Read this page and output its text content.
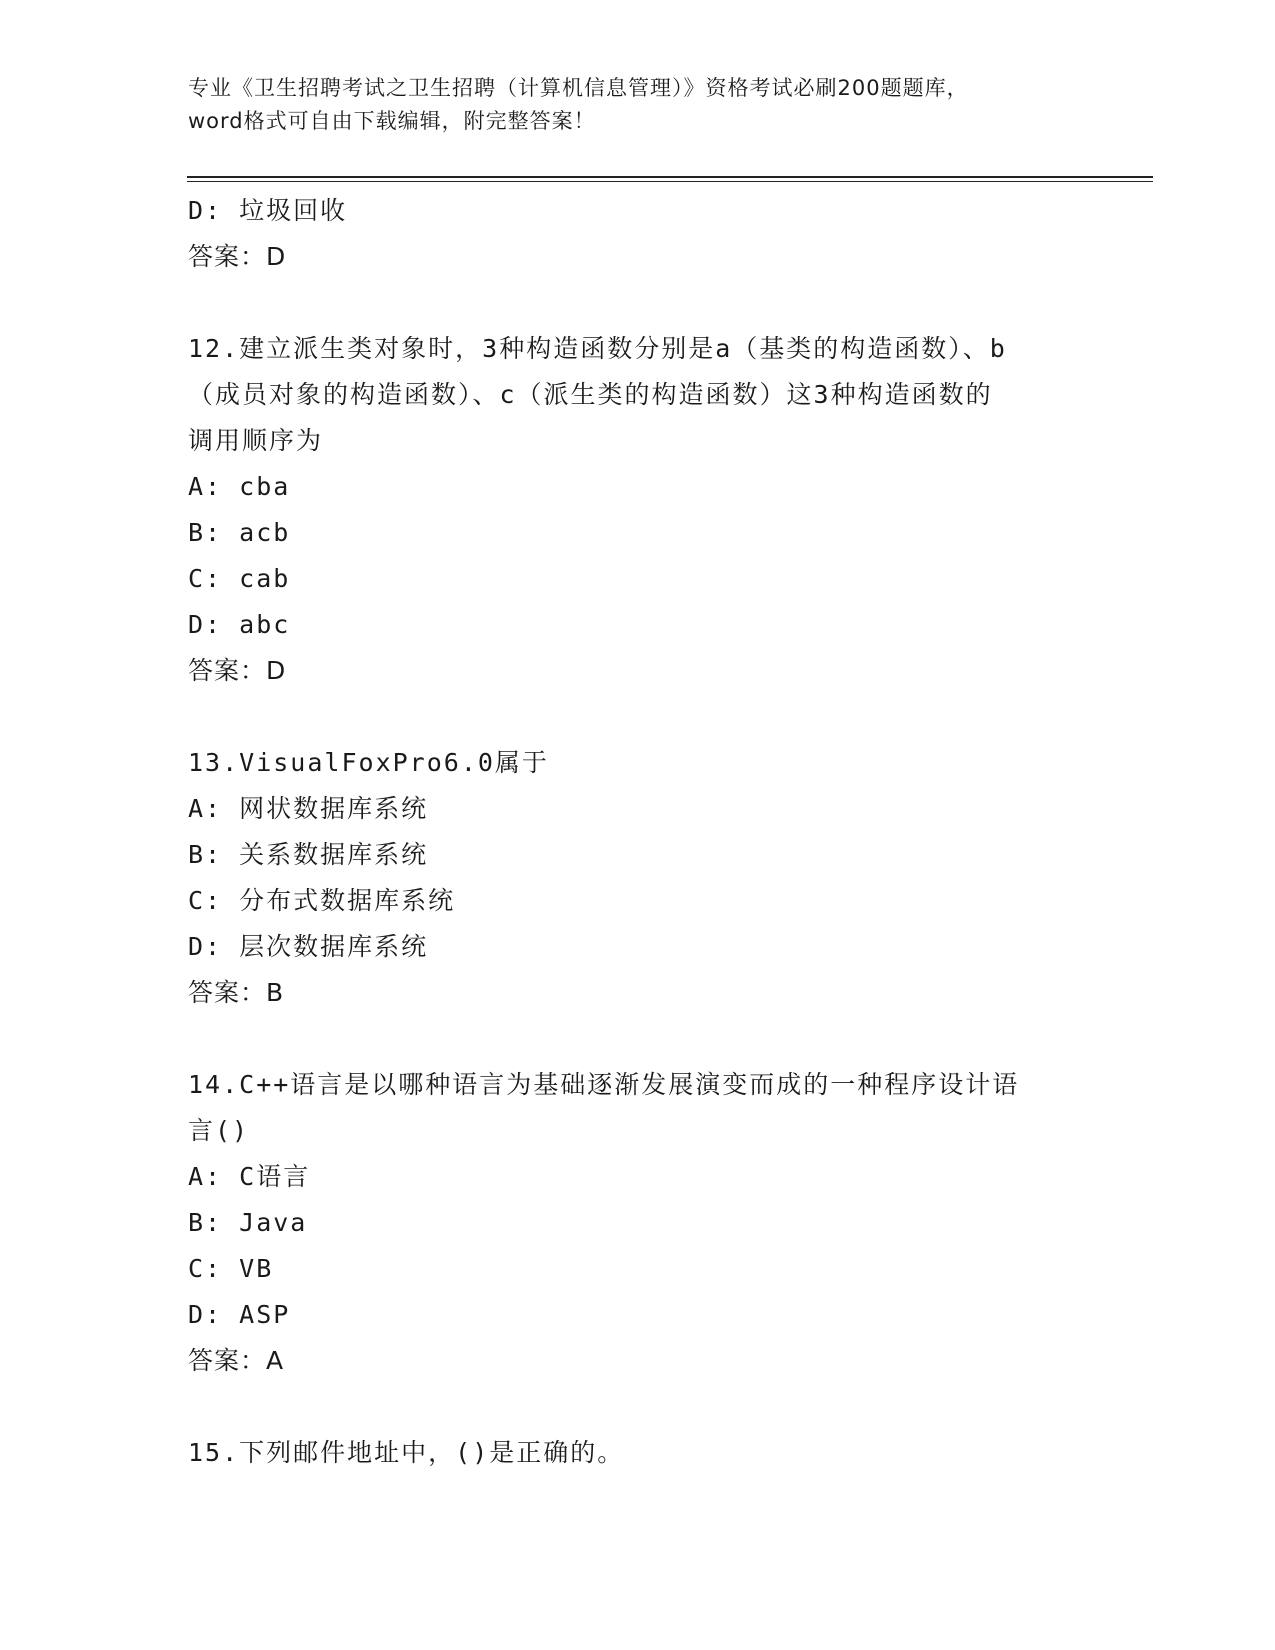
专业《卫生招聘考试之卫生招聘（计算机信息管理）》资格考试必刷200题题库，
word格式可自由下载编辑，附完整答案！
D: 垃圾回收
答案：D
12.建立派生类对象时，3种构造函数分别是a（基类的构造函数）、b
（成员对象的构造函数）、c（派生类的构造函数）这3种构造函数的
调用顺序为
A: cba
B: acb
C: cab
D: abc
答案：D
13.VisualFoxPro6.0属于
A: 网状数据库系统
B: 关系数据库系统
C: 分布式数据库系统
D: 层次数据库系统
答案：B
14.C++语言是以哪种语言为基础逐渐发展演变而成的一种程序设计语
言()
A: C语言
B: Java
C: VB
D: ASP
答案：A
15.下列邮件地址中，()是正确的。
